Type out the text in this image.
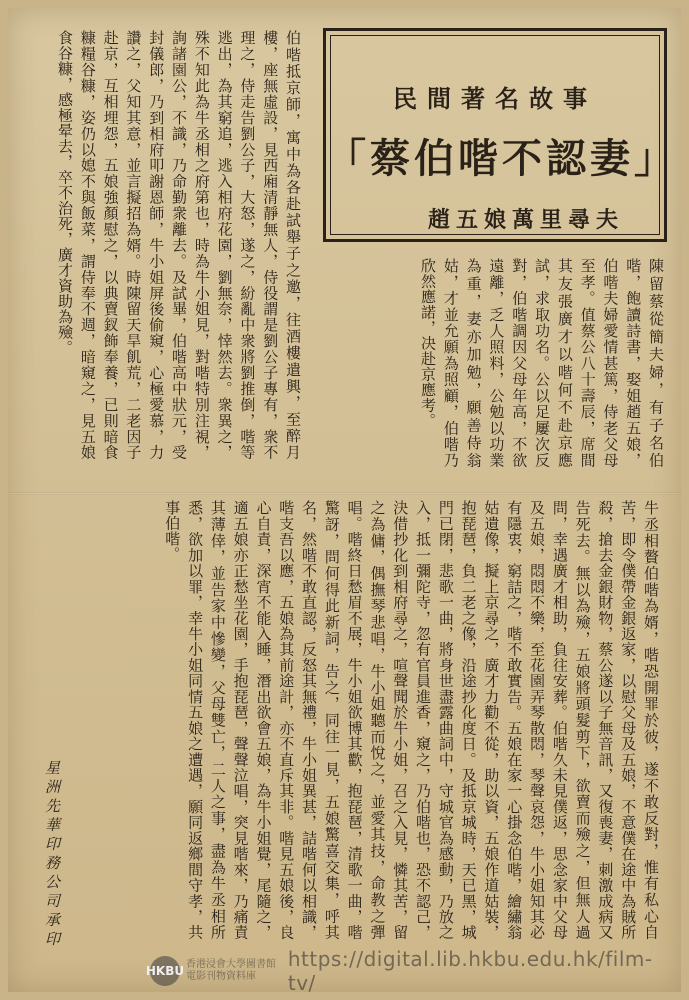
民間著名故事
「蔡伯喈不認妻」
趙五娘萬里尋夫
陳留蔡從簡夫婦，有子名伯喈，飽讀詩書，娶姐趙五娘，伯喈夫婦愛情甚篤，侍老父母至孝。值蔡公八十壽辰，席間其友張廣才以喈何不赴京應試，求取功名。公以足屢次反對，伯喈調因父母年高，不欲遠離，乏人照料，公勉以功業為重，妻亦加勉，願善侍翁姑，才並允願為照顧，伯喈乃欣然應諾，决赴京應考。
伯喈抵京師，寓中為各赴試舉子之邀，往酒樓遣興，至醉月樓，座無虛設，見西廂清靜無人，侍役謂是劉公子專有，衆不理之，侍走告劉公子，大怒，遂之，紛亂中衆將劉推倒，喈等逃出，為其窮追，逃入相府花園，劉無奈，悻然去。衆異之，殊不知此為牛丞相之府第也，時為牛小姐見，對喈特別注視，詢諸園公，不識，乃命勤衆離去。及試畢，伯喈高中狀元，受封儀郎，乃到相府叩謝恩師，牛小姐屏後偷窺，心極愛慕，力讚之，父知其意，並言擬招為婿。時陳留天旱飢荒，二老因子赴京，互相埋怨，五娘強顏慰之，以典賣釵飾奉養，已則暗食糠糧谷糠，姿仍以媳不與飯菜，謂侍奉不週，暗窺之，見五娘食谷糠，感極晕去，卒不治死，廣才資助為殮。
牛丞相贅伯喈為婿，喈恐開罪於彼，遂不敢反對，惟有私心自苦，即令僕帶金銀返家，以慰父母及五娘，不意僕在途中為賊所殺，搶去金銀財物，蔡公遂以子無音訊，又復喪妻，刺激成病又告死去。無以為殮，五娘將頭髮剪下，欲賣而殮之，但無人過問，幸遇廣才相助，負往安葬。伯喈久未見僕返，思念家中父母及五娘，悶悶不樂，至花園弄琴散悶，琴聲哀怨，牛小姐知其必有隱衷，窮詰之，喈不敢實告。五娘在家一心掛念伯喈，繪繡翁姑遺像，擬上京尋之，廣才力勸不從，助以資，五娘作道姑裝，抱琵琶，負二老之像，沿途抄化度日。及抵京城時，天已黑，城門已閉，悲歌一曲，將身世盡露曲詞中，守城官為感動，乃放之入，抵一彌陀寺，忽有官員進香，窺之，乃伯喈也，恐不認己，決借抄化到相府尋之，喧聲聞於牛小姐，召之入見，憐其苦，留之為傭，偶撫琴悲唱，牛小姐聽而悅之，並愛其技，命教之彈唱。喈終日愁眉不展，牛小姐欲博其歡，抱琵琶，清歌一曲，喈驚訝，問何得此新詞，告之，同往一見，五娘驚喜交集，呼其名，然喈不敢直認，反怒其無禮，牛小姐異甚，詰喈何以相識，喈支吾以應，五娘為其前途計，亦不直斥其非。喈見五娘後，良心自責，深宵不能入睡，潛出欲會五娘，為牛小姐覺，尾隨之，適五娘亦正愁坐花園，手抱琵琶，聲聲泣唱，突見喈來，乃痛責其薄倖，並告家中慘變，父母雙亡，二人之事，盡為牛丞相所悉，欲加以罪，幸牛小姐同情五娘之遭遇，願同返鄉間守孝，共事伯喈。
星洲先華印務公司承印
HKBU 香港浸會大學圖書館 電影刊物資料庫
https://digital.lib.hkbu.edu.hk/film-tv/
